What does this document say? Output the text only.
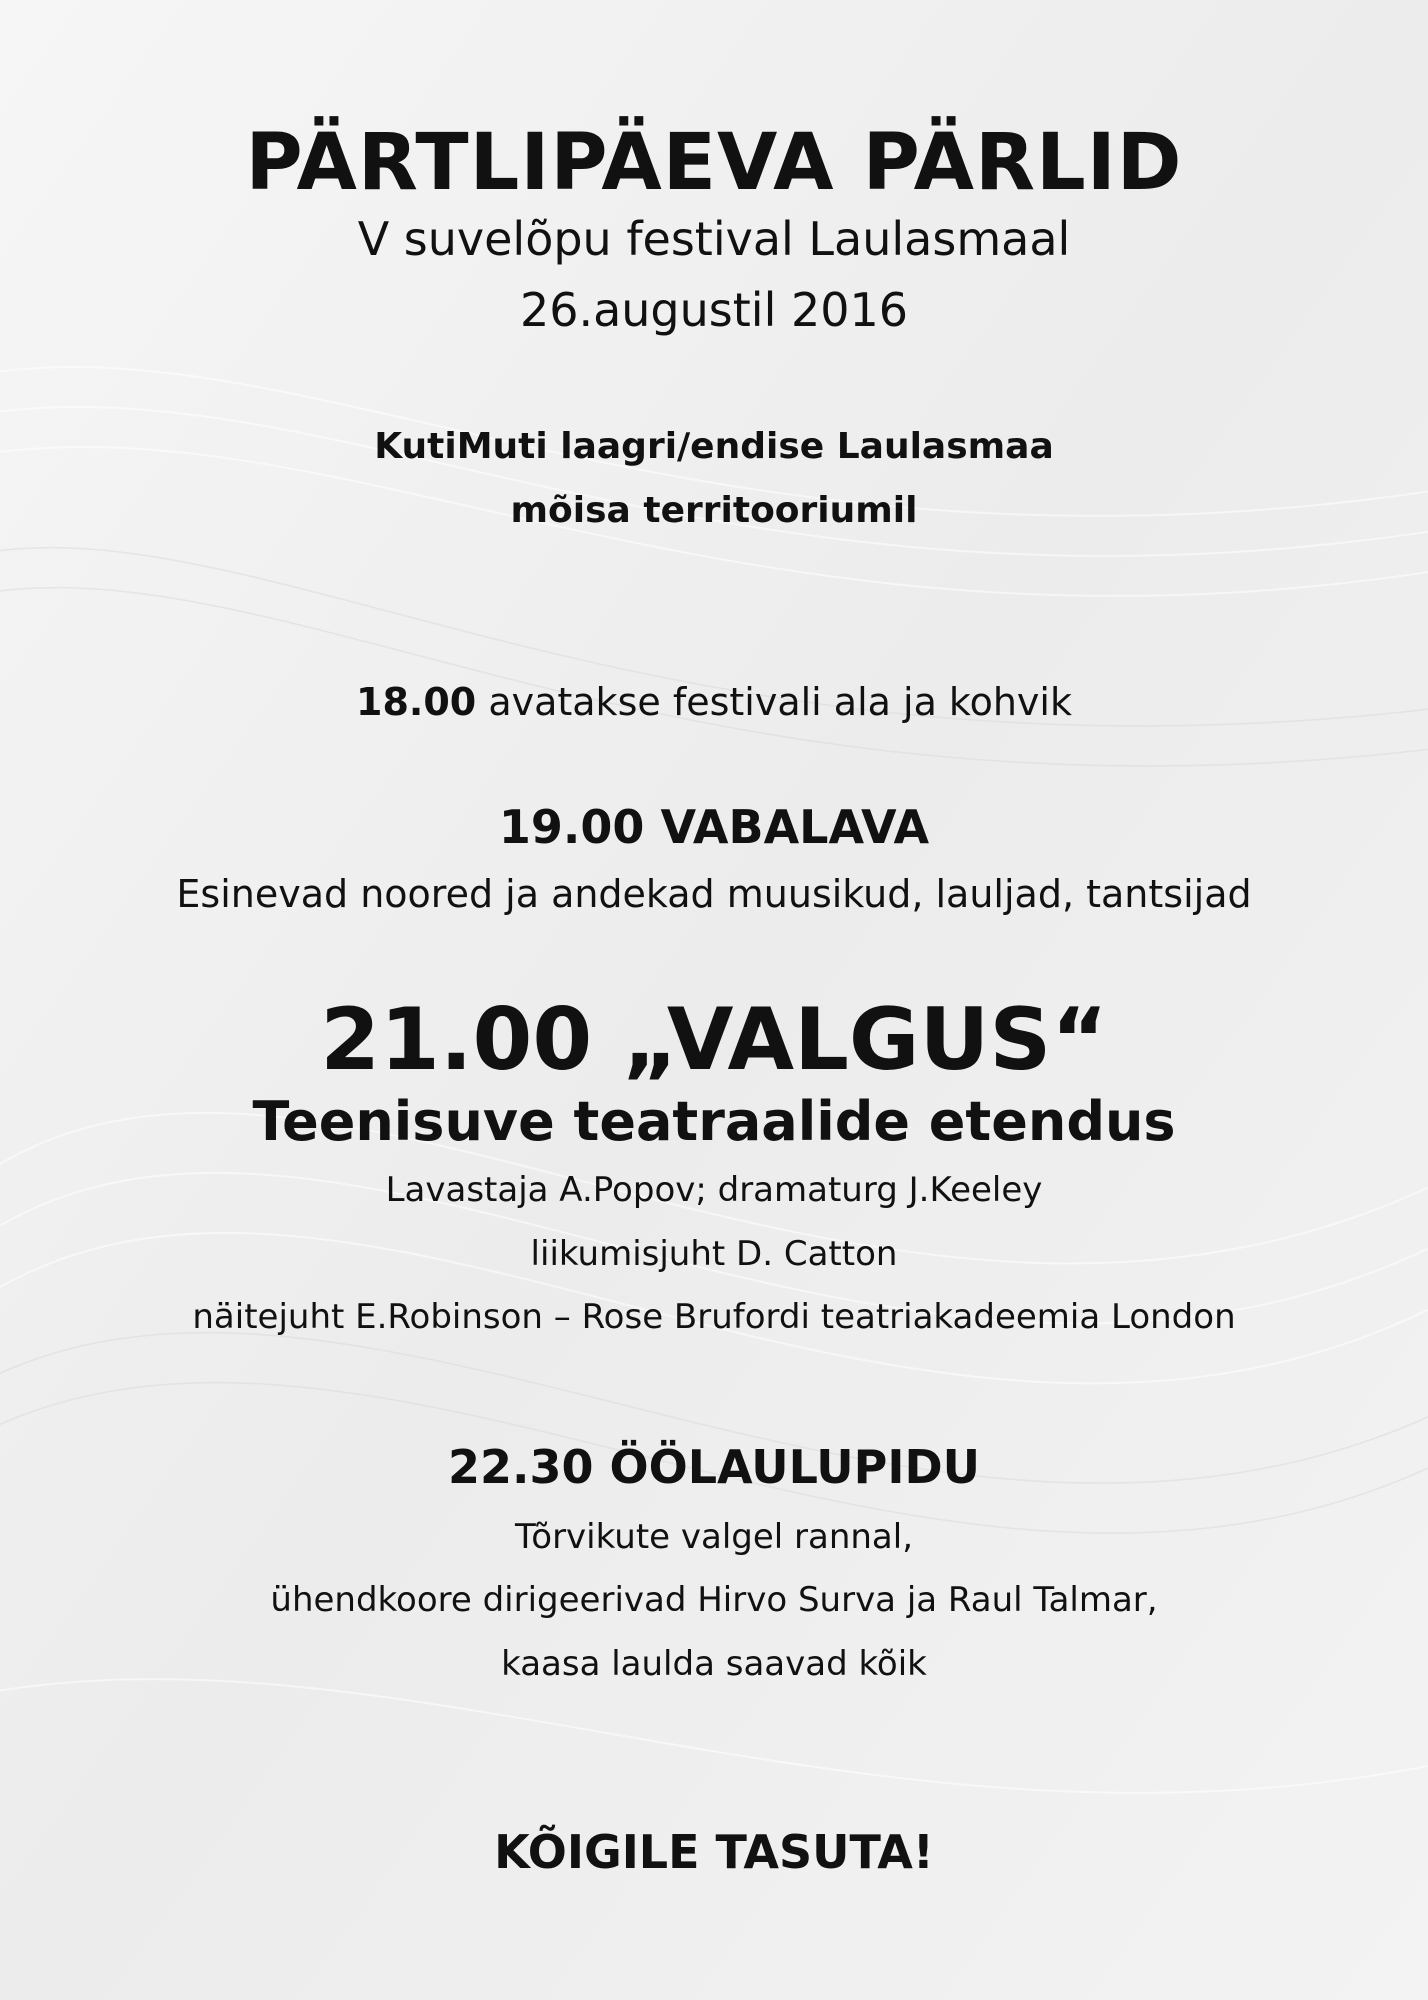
PÄRTLIPÄEVA PÄRLID
V suvelõpu festival Laulasmaal
26.augustil 2016
KutiMuti laagri/endise Laulasmaa
mõisa territooriumil
18.00 avatakse festivali ala ja kohvik
19.00 VABALAVA
Esinevad noored ja andekad muusikud, lauljad, tantsijad
21.00 „VALGUS“
Teenisuve teatraalide etendus
Lavastaja A.Popov; dramaturg J.Keeley
liikumisjuht D. Catton
näitejuht E.Robinson – Rose Brufordi teatriakadeemia London
22.30 ÖÖLAULUPIDU
Tõrvikute valgel rannal,
ühendkoore dirigeerivad Hirvo Surva ja Raul Talmar,
kaasa laulda saavad kõik
KÕIGILE TASUTA!
